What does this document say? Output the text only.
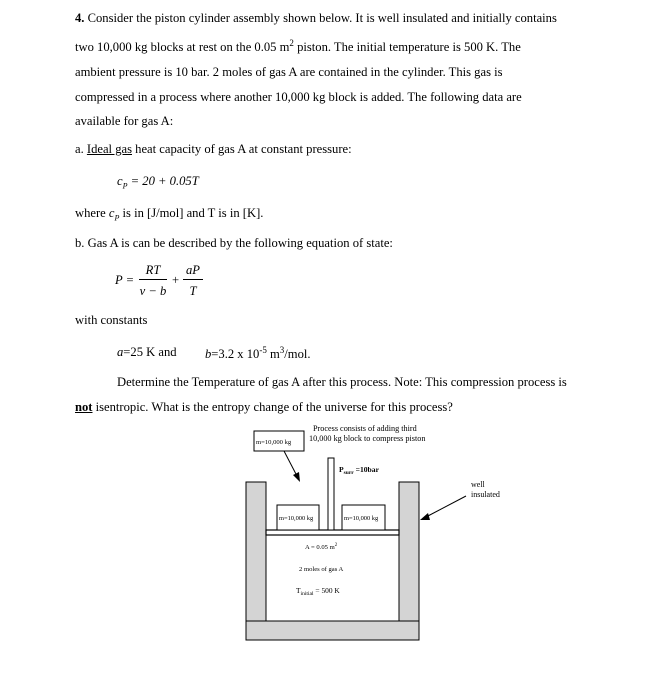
4. Consider the piston cylinder assembly shown below. It is well insulated and initially contains
two 10,000 kg blocks at rest on the 0.05 $m^2$ piston. The initial temperature is 500 K. The
ambient pressure is 10 bar. 2 moles of gas A are contained in the cylinder. This gas is
compressed in a process where another 10,000 kg block is added. The following data are
available for gas A:
a. Ideal gas heat capacity of gas A at constant pressure:
$c_P = 20 + 0.05T$
where $c_P$ is in [J/mol] and T is in [K].
b. Gas A is can be described by the following equation of state:
P =
RT
v − b
+
aP
T
with constants
a=25 K and b=3.2 x $10^{-5}$ $m^3$/mol.
Determine the Temperature of gas A after this process. Note: This compression process is
not isentropic. What is the entropy change of the universe for this process?
Process consists of adding third
10,000 kg block to compress piston
m=10,000 kg
$P_{surr} =10bar$
well
insulated
m=10,000 kg	m=10,000 kg
A = 0.05 $m^2$
2 moles of gas A
$T_{initial} = 500$ K
